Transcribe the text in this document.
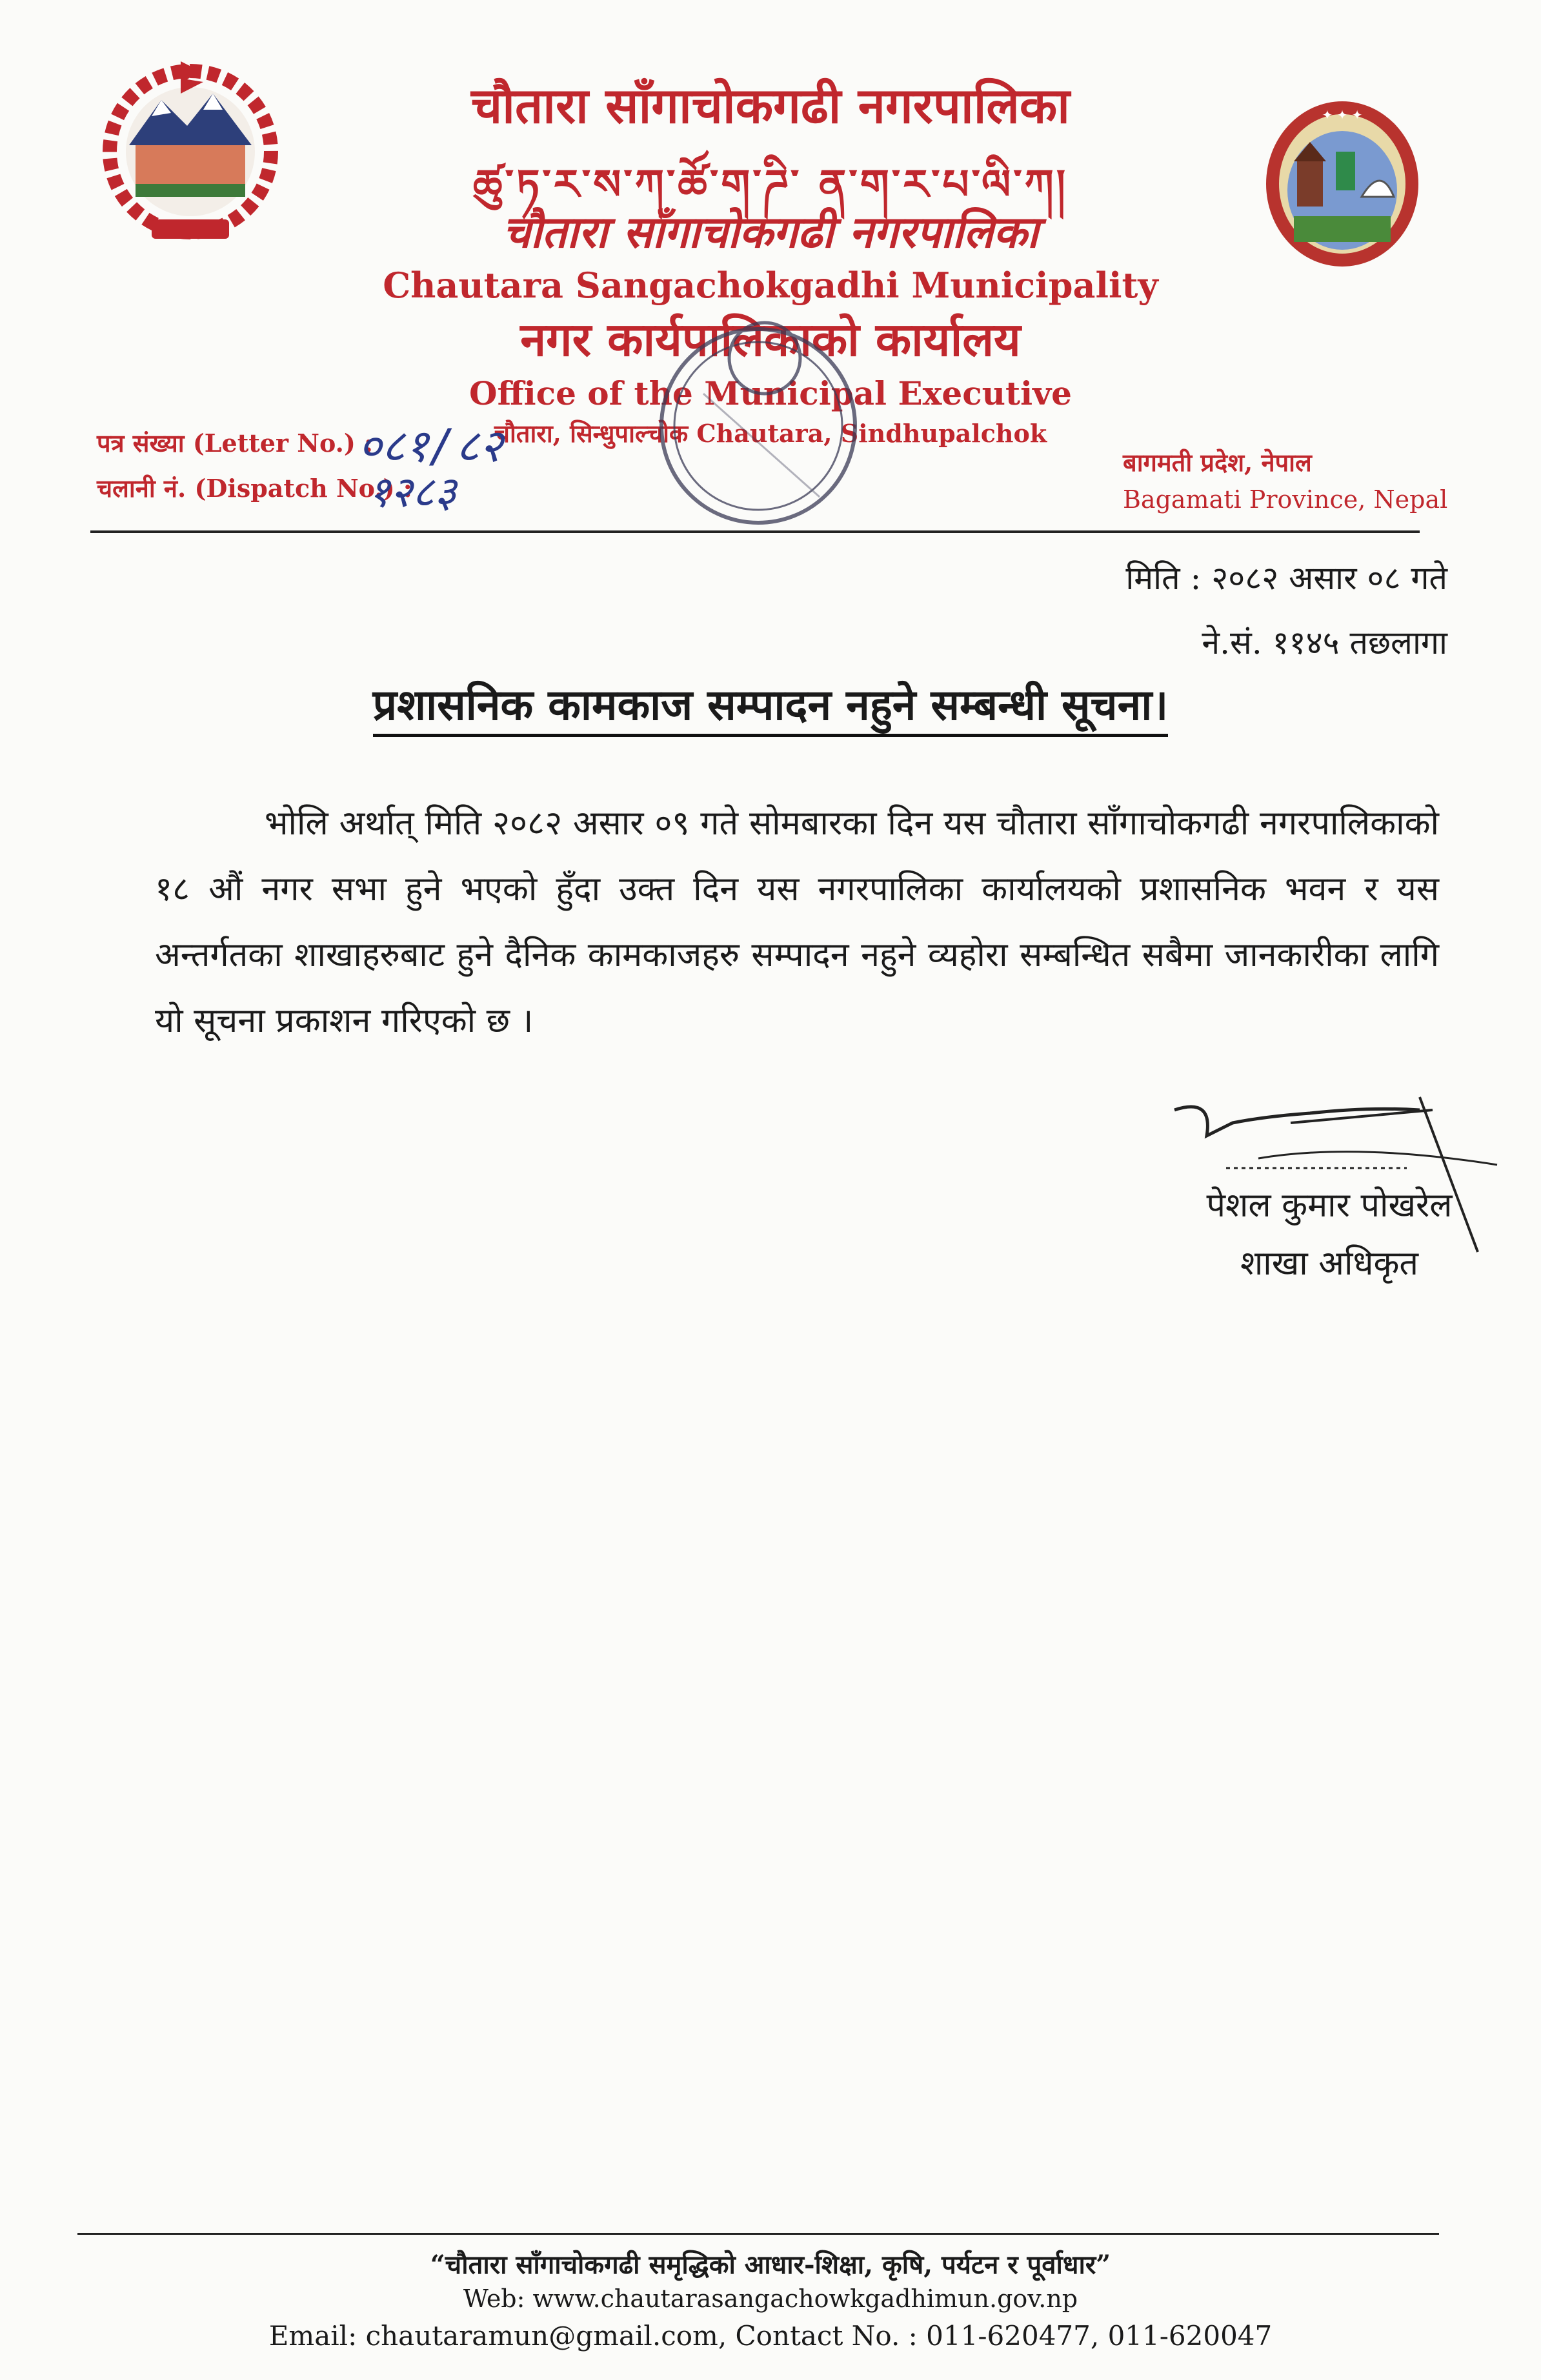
✦ ✦ ✦
चौतारा साँगाचोकगढी नगरपालिका
ཚུ་ཏ་ར་ས་ཀ་ཚོ་ག་ཌི་ ན་ག་ར་པ་ལི་ཀ།
चौतारा साँगाचोकगढी नगरपालिका
Chautara Sangachokgadhi Municipality
नगर कार्यपालिकाको कार्यालय
Office of the Municipal Executive
चौतारा, सिन्धुपाल्चोक Chautara, Sindhupalchok
पत्र संख्या (Letter No.) :
०८१/८२
चलानी नं. (Dispatch No.) :
१२८३
बागमती प्रदेश, नेपाल
Bagamati Province, Nepal
मिति : २०८२ असार ०८ गते
ने.सं. ११४५ तछलागा
प्रशासनिक कामकाज सम्पादन नहुने सम्बन्धी सूचना।
भोलि अर्थात् मिति २०८२ असार ०९ गते सोमबारका दिन यस चौतारा साँगाचोकगढी नगरपालिकाको १८ औं नगर सभा हुने भएको हुँदा उक्त दिन यस नगरपालिका कार्यालयको प्रशासनिक भवन र यस अन्तर्गतका शाखाहरुबाट हुने दैनिक कामकाजहरु सम्पादन नहुने व्यहोरा सम्बन्धित सबैमा जानकारीका लागि यो सूचना प्रकाशन गरिएको छ ।
पेशल कुमार पोखरेल
शाखा अधिकृत
“चौतारा साँगाचोकगढी समृद्धिको आधार-शिक्षा, कृषि, पर्यटन र पूर्वाधार”
Web: www.chautarasangachowkgadhimun.gov.np
Email: chautaramun@gmail.com, Contact No. : 011-620477, 011-620047
